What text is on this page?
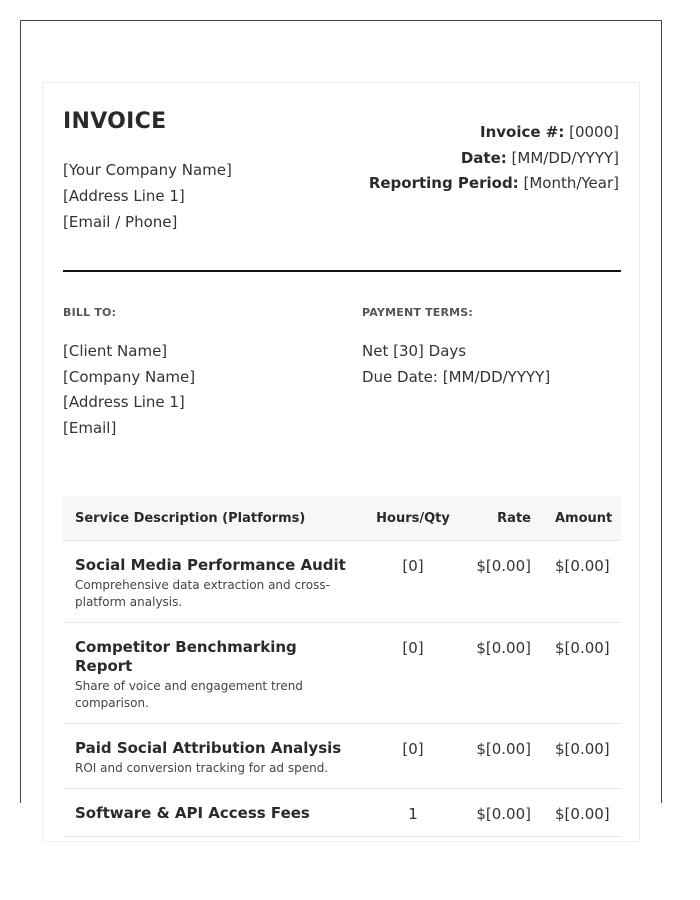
INVOICE
[Your Company Name]
[Address Line 1]
[Email / Phone]
Invoice #: [0000]
Date: [MM/DD/YYYY]
Reporting Period: [Month/Year]
BILL TO:	PAYMENT TERMS:
[Client Name]
[Company Name]
[Address Line 1]
[Email]
Net [30] Days
Due Date: [MM/DD/YYYY]
Service Description (Platforms)	Hours/Qty	Rate	Amount

Social Media Performance Audit
Comprehensive data extraction and cross-platform analysis.	[0]	$[0.00]	$[0.00]

Competitor Benchmarking Report
Share of voice and engagement trend comparison.	[0]	$[0.00]	$[0.00]

Paid Social Attribution Analysis
ROI and conversion tracking for ad spend.	[0]	$[0.00]	$[0.00]

Software & API Access Fees	1	$[0.00]	$[0.00]
